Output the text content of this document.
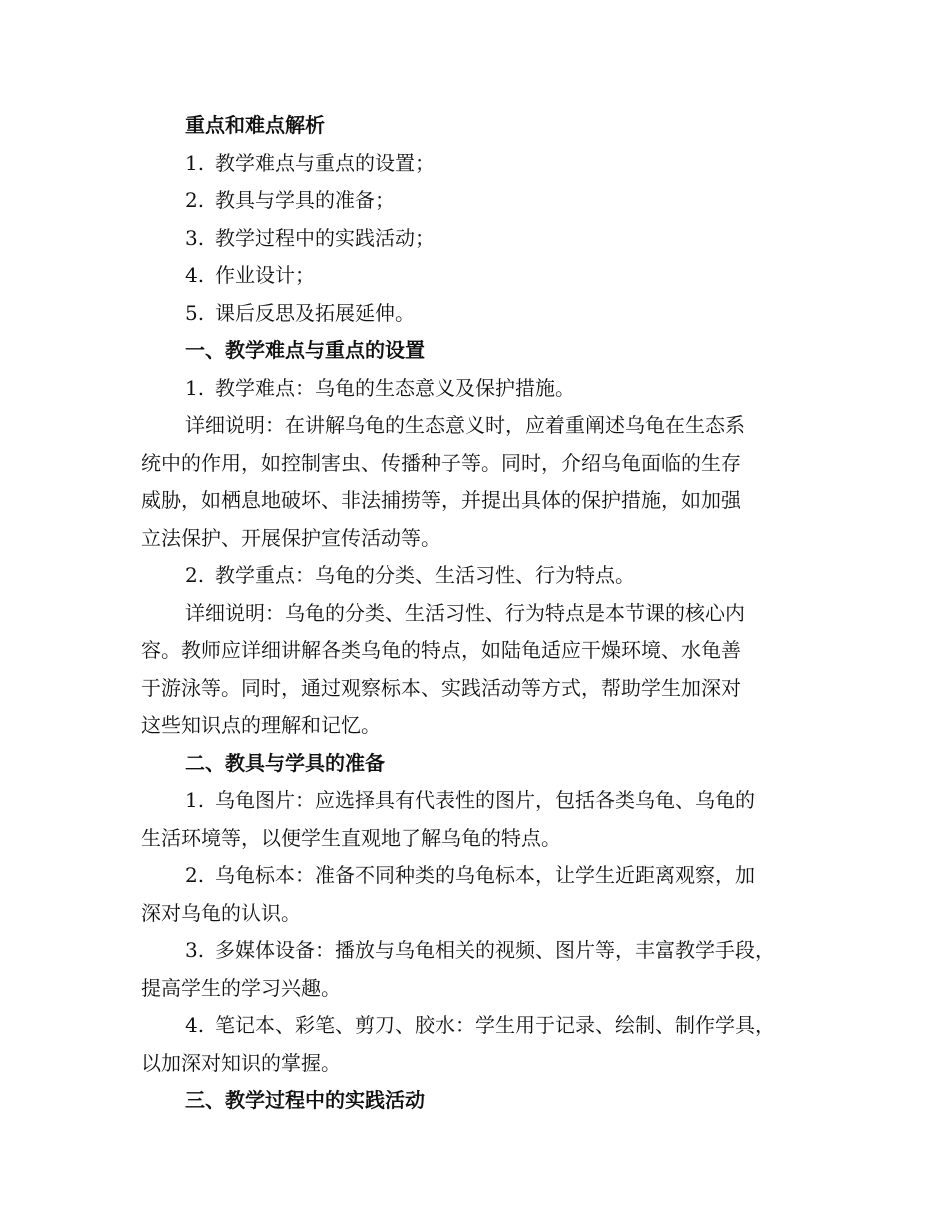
重点和难点解析
1. 教学难点与重点的设置；
2. 教具与学具的准备；
3. 教学过程中的实践活动；
4. 作业设计；
5. 课后反思及拓展延伸。
一、教学难点与重点的设置
1. 教学难点：乌龟的生态意义及保护措施。
详细说明：在讲解乌龟的生态意义时，应着重阐述乌龟在生态系
统中的作用，如控制害虫、传播种子等。同时，介绍乌龟面临的生存
威胁，如栖息地破坏、非法捕捞等，并提出具体的保护措施，如加强
立法保护、开展保护宣传活动等。
2. 教学重点：乌龟的分类、生活习性、行为特点。
详细说明：乌龟的分类、生活习性、行为特点是本节课的核心内
容。教师应详细讲解各类乌龟的特点，如陆龟适应干燥环境、水龟善
于游泳等。同时，通过观察标本、实践活动等方式，帮助学生加深对
这些知识点的理解和记忆。
二、教具与学具的准备
1. 乌龟图片：应选择具有代表性的图片，包括各类乌龟、乌龟的
生活环境等，以便学生直观地了解乌龟的特点。
2. 乌龟标本：准备不同种类的乌龟标本，让学生近距离观察，加
深对乌龟的认识。
3. 多媒体设备：播放与乌龟相关的视频、图片等，丰富教学手段，
提高学生的学习兴趣。
4. 笔记本、彩笔、剪刀、胶水：学生用于记录、绘制、制作学具，
以加深对知识的掌握。
三、教学过程中的实践活动
